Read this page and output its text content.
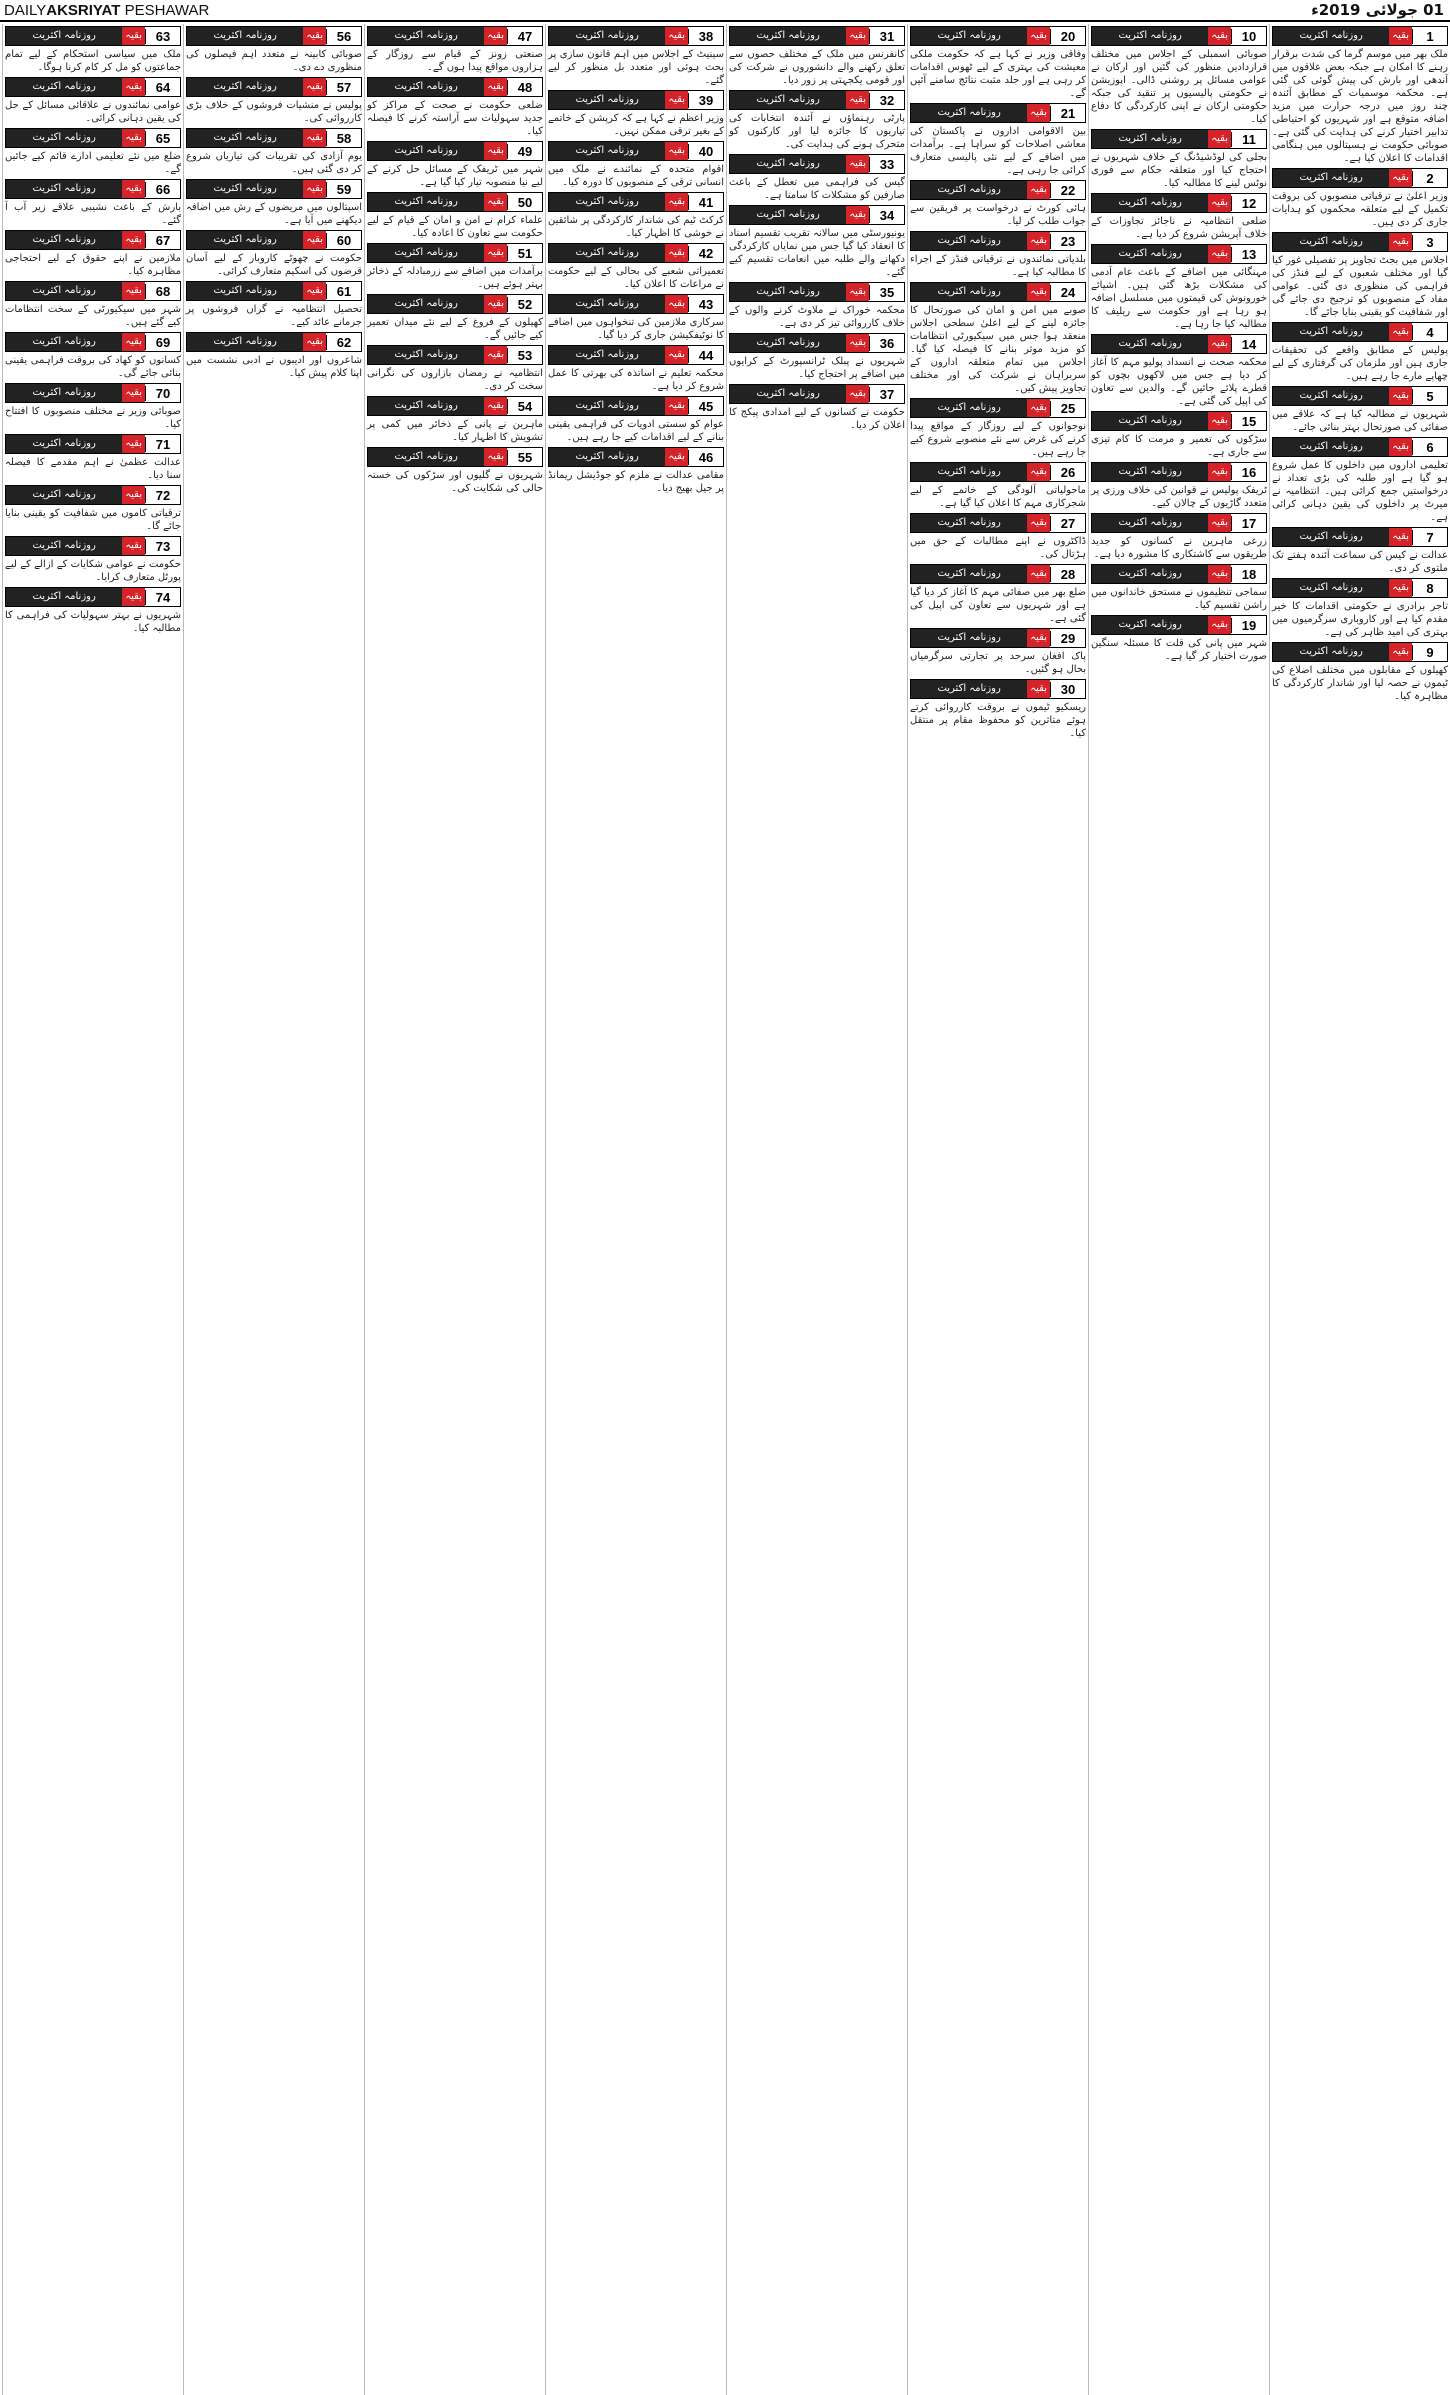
DAILYAKSRIYAT PESHAWAR	01 جولائی 2019ء
1
بقیہ
روزنامہ اکثریت
ملک بھر میں موسم گرما کی شدت برقرار رہنے کا امکان ہے جبکہ بعض علاقوں میں آندھی اور بارش کی پیش گوئی کی گئی ہے۔ محکمہ موسمیات کے مطابق آئندہ چند روز میں درجہ حرارت میں مزید اضافہ متوقع ہے اور شہریوں کو احتیاطی تدابیر اختیار کرنے کی ہدایت کی گئی ہے۔ صوبائی حکومت نے ہسپتالوں میں ہنگامی اقدامات کا اعلان کیا ہے۔
2
بقیہ
روزنامہ اکثریت
وزیر اعلیٰ نے ترقیاتی منصوبوں کی بروقت تکمیل کے لیے متعلقہ محکموں کو ہدایات جاری کر دی ہیں۔
3
بقیہ
روزنامہ اکثریت
اجلاس میں بجٹ تجاویز پر تفصیلی غور کیا گیا اور مختلف شعبوں کے لیے فنڈز کی فراہمی کی منظوری دی گئی۔ عوامی مفاد کے منصوبوں کو ترجیح دی جائے گی اور شفافیت کو یقینی بنایا جائے گا۔
4
بقیہ
روزنامہ اکثریت
پولیس کے مطابق واقعے کی تحقیقات جاری ہیں اور ملزمان کی گرفتاری کے لیے چھاپے مارے جا رہے ہیں۔
5
بقیہ
روزنامہ اکثریت
شہریوں نے مطالبہ کیا ہے کہ علاقے میں صفائی کی صورتحال بہتر بنائی جائے۔
6
بقیہ
روزنامہ اکثریت
تعلیمی اداروں میں داخلوں کا عمل شروع ہو گیا ہے اور طلبہ کی بڑی تعداد نے درخواستیں جمع کرائی ہیں۔ انتظامیہ نے میرٹ پر داخلوں کی یقین دہانی کرائی ہے۔
7
بقیہ
روزنامہ اکثریت
عدالت نے کیس کی سماعت آئندہ ہفتے تک ملتوی کر دی۔
8
بقیہ
روزنامہ اکثریت
تاجر برادری نے حکومتی اقدامات کا خیر مقدم کیا ہے اور کاروباری سرگرمیوں میں بہتری کی امید ظاہر کی ہے۔
9
بقیہ
روزنامہ اکثریت
کھیلوں کے مقابلوں میں مختلف اضلاع کی ٹیموں نے حصہ لیا اور شاندار کارکردگی کا مظاہرہ کیا۔
10
بقیہ
روزنامہ اکثریت
صوبائی اسمبلی کے اجلاس میں مختلف قراردادیں منظور کی گئیں اور ارکان نے عوامی مسائل پر روشنی ڈالی۔ اپوزیشن نے حکومتی پالیسیوں پر تنقید کی جبکہ حکومتی ارکان نے اپنی کارکردگی کا دفاع کیا۔
11
بقیہ
روزنامہ اکثریت
بجلی کی لوڈشیڈنگ کے خلاف شہریوں نے احتجاج کیا اور متعلقہ حکام سے فوری نوٹس لینے کا مطالبہ کیا۔
12
بقیہ
روزنامہ اکثریت
ضلعی انتظامیہ نے ناجائز تجاوزات کے خلاف آپریشن شروع کر دیا ہے۔
13
بقیہ
روزنامہ اکثریت
مہنگائی میں اضافے کے باعث عام آدمی کی مشکلات بڑھ گئی ہیں۔ اشیائے خورونوش کی قیمتوں میں مسلسل اضافہ ہو رہا ہے اور حکومت سے ریلیف کا مطالبہ کیا جا رہا ہے۔
14
بقیہ
روزنامہ اکثریت
محکمہ صحت نے انسداد پولیو مہم کا آغاز کر دیا ہے جس میں لاکھوں بچوں کو قطرے پلائے جائیں گے۔ والدین سے تعاون کی اپیل کی گئی ہے۔
15
بقیہ
روزنامہ اکثریت
سڑکوں کی تعمیر و مرمت کا کام تیزی سے جاری ہے۔
16
بقیہ
روزنامہ اکثریت
ٹریفک پولیس نے قوانین کی خلاف ورزی پر متعدد گاڑیوں کے چالان کیے۔
17
بقیہ
روزنامہ اکثریت
زرعی ماہرین نے کسانوں کو جدید طریقوں سے کاشتکاری کا مشورہ دیا ہے۔
18
بقیہ
روزنامہ اکثریت
سماجی تنظیموں نے مستحق خاندانوں میں راشن تقسیم کیا۔
19
بقیہ
روزنامہ اکثریت
شہر میں پانی کی قلت کا مسئلہ سنگین صورت اختیار کر گیا ہے۔
20
بقیہ
روزنامہ اکثریت
وفاقی وزیر نے کہا ہے کہ حکومت ملکی معیشت کی بہتری کے لیے ٹھوس اقدامات کر رہی ہے اور جلد مثبت نتائج سامنے آئیں گے۔
21
بقیہ
روزنامہ اکثریت
بین الاقوامی اداروں نے پاکستان کی معاشی اصلاحات کو سراہا ہے۔ برآمدات میں اضافے کے لیے نئی پالیسی متعارف کرائی جا رہی ہے۔
22
بقیہ
روزنامہ اکثریت
ہائی کورٹ نے درخواست پر فریقین سے جواب طلب کر لیا۔
23
بقیہ
روزنامہ اکثریت
بلدیاتی نمائندوں نے ترقیاتی فنڈز کے اجراء کا مطالبہ کیا ہے۔
24
بقیہ
روزنامہ اکثریت
صوبے میں امن و امان کی صورتحال کا جائزہ لینے کے لیے اعلیٰ سطحی اجلاس منعقد ہوا جس میں سیکیورٹی انتظامات کو مزید موثر بنانے کا فیصلہ کیا گیا۔ اجلاس میں تمام متعلقہ اداروں کے سربراہان نے شرکت کی اور مختلف تجاویز پیش کیں۔
25
بقیہ
روزنامہ اکثریت
نوجوانوں کے لیے روزگار کے مواقع پیدا کرنے کی غرض سے نئے منصوبے شروع کیے جا رہے ہیں۔
26
بقیہ
روزنامہ اکثریت
ماحولیاتی آلودگی کے خاتمے کے لیے شجرکاری مہم کا اعلان کیا گیا ہے۔
27
بقیہ
روزنامہ اکثریت
ڈاکٹروں نے اپنے مطالبات کے حق میں ہڑتال کی۔
28
بقیہ
روزنامہ اکثریت
ضلع بھر میں صفائی مہم کا آغاز کر دیا گیا ہے اور شہریوں سے تعاون کی اپیل کی گئی ہے۔
29
بقیہ
روزنامہ اکثریت
پاک افغان سرحد پر تجارتی سرگرمیاں بحال ہو گئیں۔
30
بقیہ
روزنامہ اکثریت
ریسکیو ٹیموں نے بروقت کارروائی کرتے ہوئے متاثرین کو محفوظ مقام پر منتقل کیا۔
31
بقیہ
روزنامہ اکثریت
کانفرنس میں ملک کے مختلف حصوں سے تعلق رکھنے والے دانشوروں نے شرکت کی اور قومی یکجہتی پر زور دیا۔
32
بقیہ
روزنامہ اکثریت
پارٹی رہنماؤں نے آئندہ انتخابات کی تیاریوں کا جائزہ لیا اور کارکنوں کو متحرک ہونے کی ہدایت کی۔
33
بقیہ
روزنامہ اکثریت
گیس کی فراہمی میں تعطل کے باعث صارفین کو مشکلات کا سامنا ہے۔
34
بقیہ
روزنامہ اکثریت
یونیورسٹی میں سالانہ تقریب تقسیم اسناد کا انعقاد کیا گیا جس میں نمایاں کارکردگی دکھانے والے طلبہ میں انعامات تقسیم کیے گئے۔
35
بقیہ
روزنامہ اکثریت
محکمہ خوراک نے ملاوٹ کرنے والوں کے خلاف کارروائی تیز کر دی ہے۔
36
بقیہ
روزنامہ اکثریت
شہریوں نے پبلک ٹرانسپورٹ کے کرایوں میں اضافے پر احتجاج کیا۔
37
بقیہ
روزنامہ اکثریت
حکومت نے کسانوں کے لیے امدادی پیکج کا اعلان کر دیا۔
38
بقیہ
روزنامہ اکثریت
سینیٹ کے اجلاس میں اہم قانون سازی پر بحث ہوئی اور متعدد بل منظور کر لیے گئے۔
39
بقیہ
روزنامہ اکثریت
وزیر اعظم نے کہا ہے کہ کرپشن کے خاتمے کے بغیر ترقی ممکن نہیں۔
40
بقیہ
روزنامہ اکثریت
اقوام متحدہ کے نمائندے نے ملک میں انسانی ترقی کے منصوبوں کا دورہ کیا۔
41
بقیہ
روزنامہ اکثریت
کرکٹ ٹیم کی شاندار کارکردگی پر شائقین نے خوشی کا اظہار کیا۔
42
بقیہ
روزنامہ اکثریت
تعمیراتی شعبے کی بحالی کے لیے حکومت نے مراعات کا اعلان کیا۔
43
بقیہ
روزنامہ اکثریت
سرکاری ملازمین کی تنخواہوں میں اضافے کا نوٹیفکیشن جاری کر دیا گیا۔
44
بقیہ
روزنامہ اکثریت
محکمہ تعلیم نے اساتذہ کی بھرتی کا عمل شروع کر دیا ہے۔
45
بقیہ
روزنامہ اکثریت
عوام کو سستی ادویات کی فراہمی یقینی بنانے کے لیے اقدامات کیے جا رہے ہیں۔
46
بقیہ
روزنامہ اکثریت
مقامی عدالت نے ملزم کو جوڈیشل ریمانڈ پر جیل بھیج دیا۔
47
بقیہ
روزنامہ اکثریت
صنعتی زونز کے قیام سے روزگار کے ہزاروں مواقع پیدا ہوں گے۔
48
بقیہ
روزنامہ اکثریت
ضلعی حکومت نے صحت کے مراکز کو جدید سہولیات سے آراستہ کرنے کا فیصلہ کیا۔
49
بقیہ
روزنامہ اکثریت
شہر میں ٹریفک کے مسائل حل کرنے کے لیے نیا منصوبہ تیار کیا گیا ہے۔
50
بقیہ
روزنامہ اکثریت
علماء کرام نے امن و امان کے قیام کے لیے حکومت سے تعاون کا اعادہ کیا۔
51
بقیہ
روزنامہ اکثریت
برآمدات میں اضافے سے زرمبادلہ کے ذخائر بہتر ہوئے ہیں۔
52
بقیہ
روزنامہ اکثریت
کھیلوں کے فروغ کے لیے نئے میدان تعمیر کیے جائیں گے۔
53
بقیہ
روزنامہ اکثریت
انتظامیہ نے رمضان بازاروں کی نگرانی سخت کر دی۔
54
بقیہ
روزنامہ اکثریت
ماہرین نے پانی کے ذخائر میں کمی پر تشویش کا اظہار کیا۔
55
بقیہ
روزنامہ اکثریت
شہریوں نے گلیوں اور سڑکوں کی خستہ حالی کی شکایت کی۔
56
بقیہ
روزنامہ اکثریت
صوبائی کابینہ نے متعدد اہم فیصلوں کی منظوری دے دی۔
57
بقیہ
روزنامہ اکثریت
پولیس نے منشیات فروشوں کے خلاف بڑی کارروائی کی۔
58
بقیہ
روزنامہ اکثریت
یوم آزادی کی تقریبات کی تیاریاں شروع کر دی گئی ہیں۔
59
بقیہ
روزنامہ اکثریت
اسپتالوں میں مریضوں کے رش میں اضافہ دیکھنے میں آیا ہے۔
60
بقیہ
روزنامہ اکثریت
حکومت نے چھوٹے کاروبار کے لیے آسان قرضوں کی اسکیم متعارف کرائی۔
61
بقیہ
روزنامہ اکثریت
تحصیل انتظامیہ نے گراں فروشوں پر جرمانے عائد کیے۔
62
بقیہ
روزنامہ اکثریت
شاعروں اور ادیبوں نے ادبی نشست میں اپنا کلام پیش کیا۔
63
بقیہ
روزنامہ اکثریت
ملک میں سیاسی استحکام کے لیے تمام جماعتوں کو مل کر کام کرنا ہوگا۔
64
بقیہ
روزنامہ اکثریت
عوامی نمائندوں نے علاقائی مسائل کے حل کی یقین دہانی کرائی۔
65
بقیہ
روزنامہ اکثریت
ضلع میں نئے تعلیمی ادارے قائم کیے جائیں گے۔
66
بقیہ
روزنامہ اکثریت
بارش کے باعث نشیبی علاقے زیر آب آ گئے۔
67
بقیہ
روزنامہ اکثریت
ملازمین نے اپنے حقوق کے لیے احتجاجی مظاہرہ کیا۔
68
بقیہ
روزنامہ اکثریت
شہر میں سیکیورٹی کے سخت انتظامات کیے گئے ہیں۔
69
بقیہ
روزنامہ اکثریت
کسانوں کو کھاد کی بروقت فراہمی یقینی بنائی جائے گی۔
70
بقیہ
روزنامہ اکثریت
صوبائی وزیر نے مختلف منصوبوں کا افتتاح کیا۔
71
بقیہ
روزنامہ اکثریت
عدالت عظمیٰ نے اہم مقدمے کا فیصلہ سنا دیا۔
72
بقیہ
روزنامہ اکثریت
ترقیاتی کاموں میں شفافیت کو یقینی بنایا جائے گا۔
73
بقیہ
روزنامہ اکثریت
حکومت نے عوامی شکایات کے ازالے کے لیے پورٹل متعارف کرایا۔
74
بقیہ
روزنامہ اکثریت
شہریوں نے بہتر سہولیات کی فراہمی کا مطالبہ کیا۔
